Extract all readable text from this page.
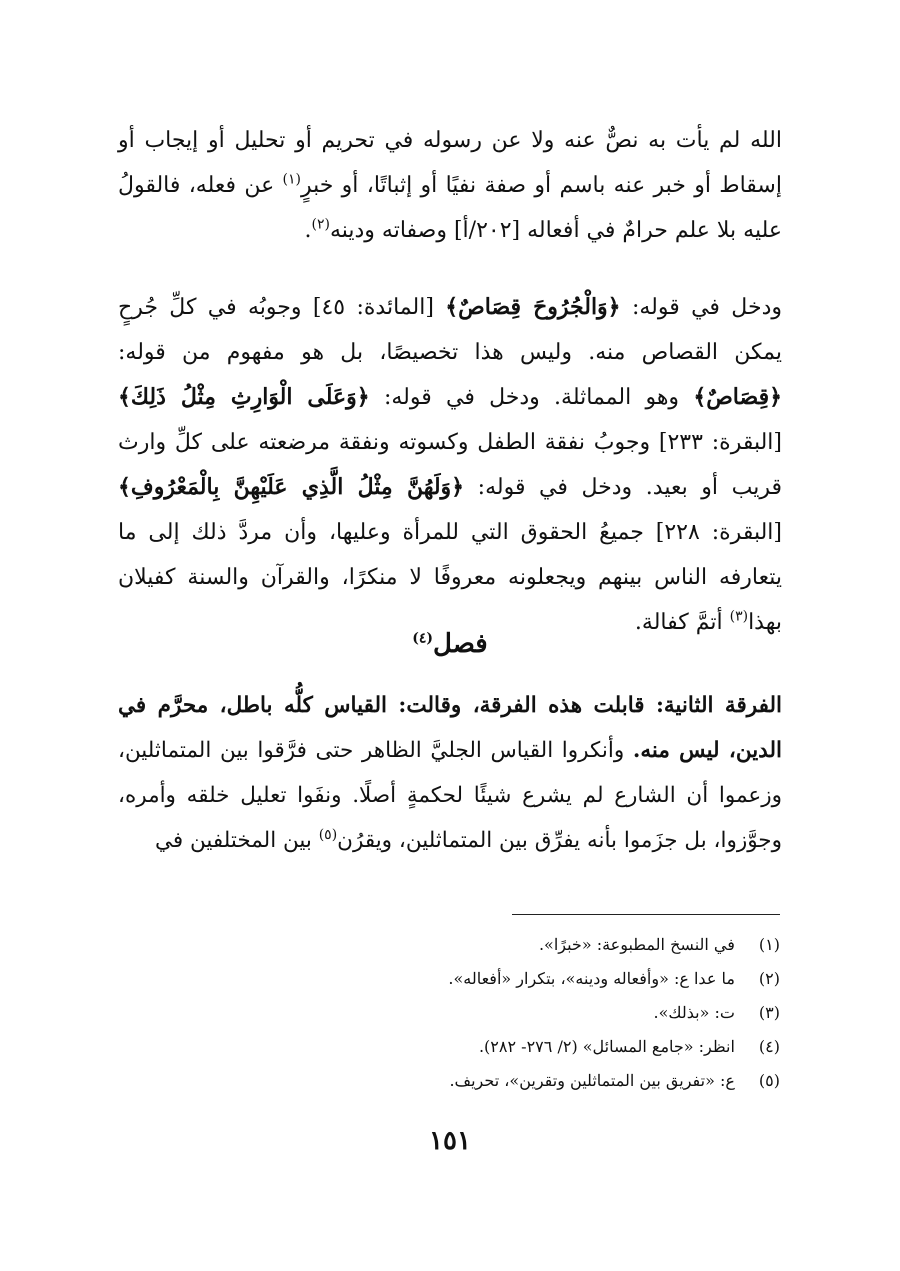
الله لم يأت به نصٌّ عنه ولا عن رسوله في تحريم أو تحليل أو إيجاب أو إسقاط أو خبر عنه باسم أو صفة نفيًا أو إثباتًا، أو خبرٍ$^{(١)}$ عن فعله، فالقولُ عليه بلا علم حرامٌ في أفعاله [٢٠٢/أ] وصفاته ودينه$^{(٢)}$.

ودخل في قوله: ﴿وَالْجُرُوحَ قِصَاصٌ﴾ [المائدة: ٤٥] وجوبُه في كلِّ جُرحٍ يمكن القصاص منه. وليس هذا تخصيصًا، بل هو مفهوم من قوله: ﴿قِصَاصٌ﴾ وهو المماثلة. ودخل في قوله: ﴿وَعَلَى الْوَارِثِ مِثْلُ ذَلِكَ﴾ [البقرة: ٢٣٣] وجوبُ نفقة الطفل وكسوته ونفقة مرضعته على كلِّ وارث قريب أو بعيد. ودخل في قوله: ﴿وَلَهُنَّ مِثْلُ الَّذِي عَلَيْهِنَّ بِالْمَعْرُوفِ﴾ [البقرة: ٢٢٨] جميعُ الحقوق التي للمرأة وعليها، وأن مردَّ ذلك إلى ما يتعارفه الناس بينهم ويجعلونه معروفًا لا منكرًا، والقرآن والسنة كفيلان بهذا$^{(٣)}$ أتمَّ كفالة.

فصل$^{(٤)}$

الفرقة الثانية: قابلت هذه الفرقة، وقالت: القياس كلُّه باطل، محرَّم في الدين، ليس منه. وأنكروا القياس الجليَّ الظاهر حتى فرَّقوا بين المتماثلين، وزعموا أن الشارع لم يشرع شيئًا لحكمةٍ أصلًا. ونفَوا تعليل خلقه وأمره، وجوَّزوا، بل جزَموا بأنه يفرِّق بين المتماثلين، ويقرُن$^{(٥)}$ بين المختلفين في

(١) في النسخ المطبوعة: «خبرًا».
(٢) ما عدا ع: «وأفعاله ودينه»، بتكرار «أفعاله».
(٣) ت: «بذلك».
(٤) انظر: «جامع المسائل» (٢/ ٢٧٦- ٢٨٢).
(٥) ع: «تفريق بين المتماثلين وتقرين»، تحريف.
١٥١
